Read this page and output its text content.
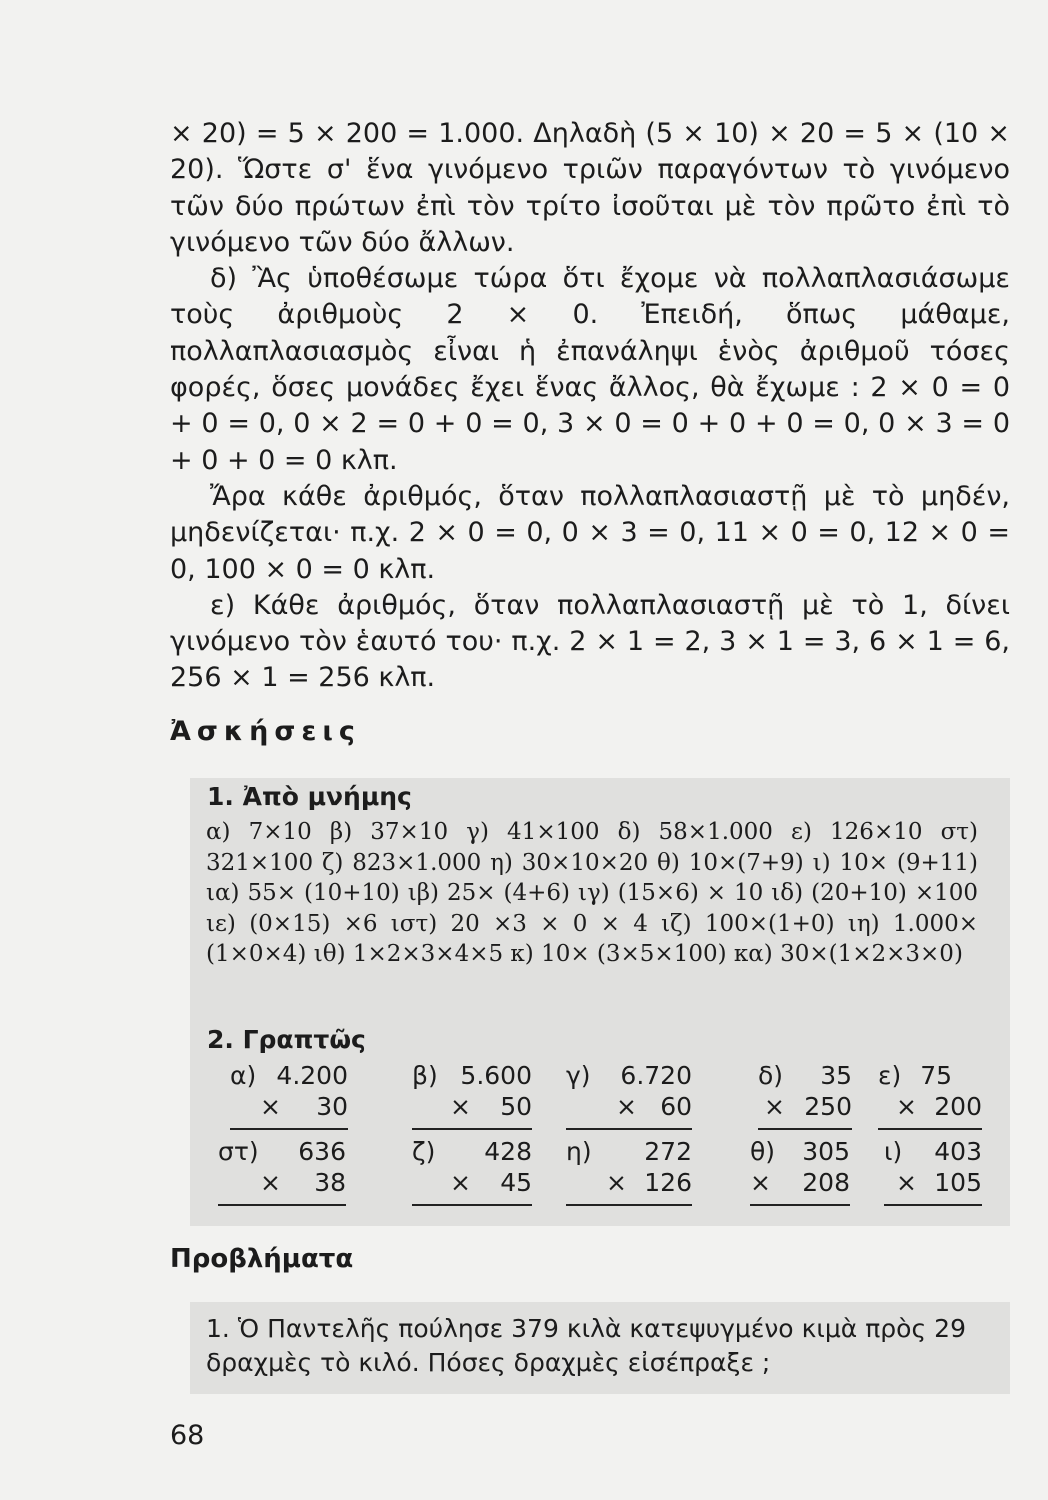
× 20) = 5 × 200 = 1.000. Δηλαδὴ (5 × 10) × 20 = 5 × (10 × 20). Ὥστε σ' ἕνα γινόμενο τριῶν παραγόντων τὸ γινόμενο τῶν δύο πρώτων ἐπὶ τὸν τρίτο ἰσοῦται μὲ τὸν πρῶτο ἐπὶ τὸ γινόμενο τῶν δύο ἄλλων.

δ) Ἂς ὑποθέσωμε τώρα ὅτι ἔχομε νὰ πολλαπλασιάσωμε τοὺς ἀριθμοὺς 2 × 0. Ἐπειδή, ὅπως μάθαμε, πολλαπλασιασμὸς εἶναι ἡ ἐπανάληψι ἑνὸς ἀριθμοῦ τόσες φορές, ὅσες μονάδες ἔχει ἕνας ἄλλος, θὰ ἔχωμε : 2 × 0 = 0 + 0 = 0, 0 × 2 = 0 + 0 = 0, 3 × 0 = 0 + 0 + 0 = 0, 0 × 3 = 0 + 0 + 0 = 0 κλπ.

Ἄρα κάθε ἀριθμός, ὅταν πολλαπλασιαστῇ μὲ τὸ μηδέν, μηδενίζεται· π.χ. 2 × 0 = 0, 0 × 3 = 0, 11 × 0 = 0, 12 × 0 = 0, 100 × 0 = 0 κλπ.

ε) Κάθε ἀριθμός, ὅταν πολλαπλασιαστῇ μὲ τὸ 1, δίνει γινόμενο τὸν ἑαυτό του· π.χ. 2 × 1 = 2, 3 × 1 = 3, 6 × 1 = 6, 256 × 1 = 256 κλπ.

Ἀσκήσεις
1. Ἀπὸ μνήμης

α) 7×10 β) 37×10 γ) 41×100 δ) 58×1.000 ε) 126×10 στ) 321×100 ζ) 823×1.000 η) 30×10×20 θ) 10×(7+9) ι) 10× (9+11) ια) 55× (10+10) ιβ) 25× (4+6) ιγ) (15×6) × 10 ιδ) (20+10) ×100 ιε) (0×15) ×6 ιστ) 20 ×3 × 0 × 4 ιζ) 100×(1+0) ιη) 1.000× (1×0×4) ιθ) 1×2×3×4×5 κ) 10× (3×5×100) κα) 30×(1×2×3×0)

2. Γραπτῶς
α) 4.200
× 30
β) 5.600
× 50
γ) 6.720
× 60
δ) 35
× 250
ε) 75
× 200
στ) 636
× 38
ζ) 428
× 45
η) 272
× 126
θ) 305
× 208
ι) 403
× 105
Προβλήματα

1. Ὁ Παντελῆς πούλησε 379 κιλὰ κατεψυγμένο κιμὰ πρὸς 29 δραχμὲς τὸ κιλό. Πόσες δραχμὲς εἰσέπραξε ;

68
